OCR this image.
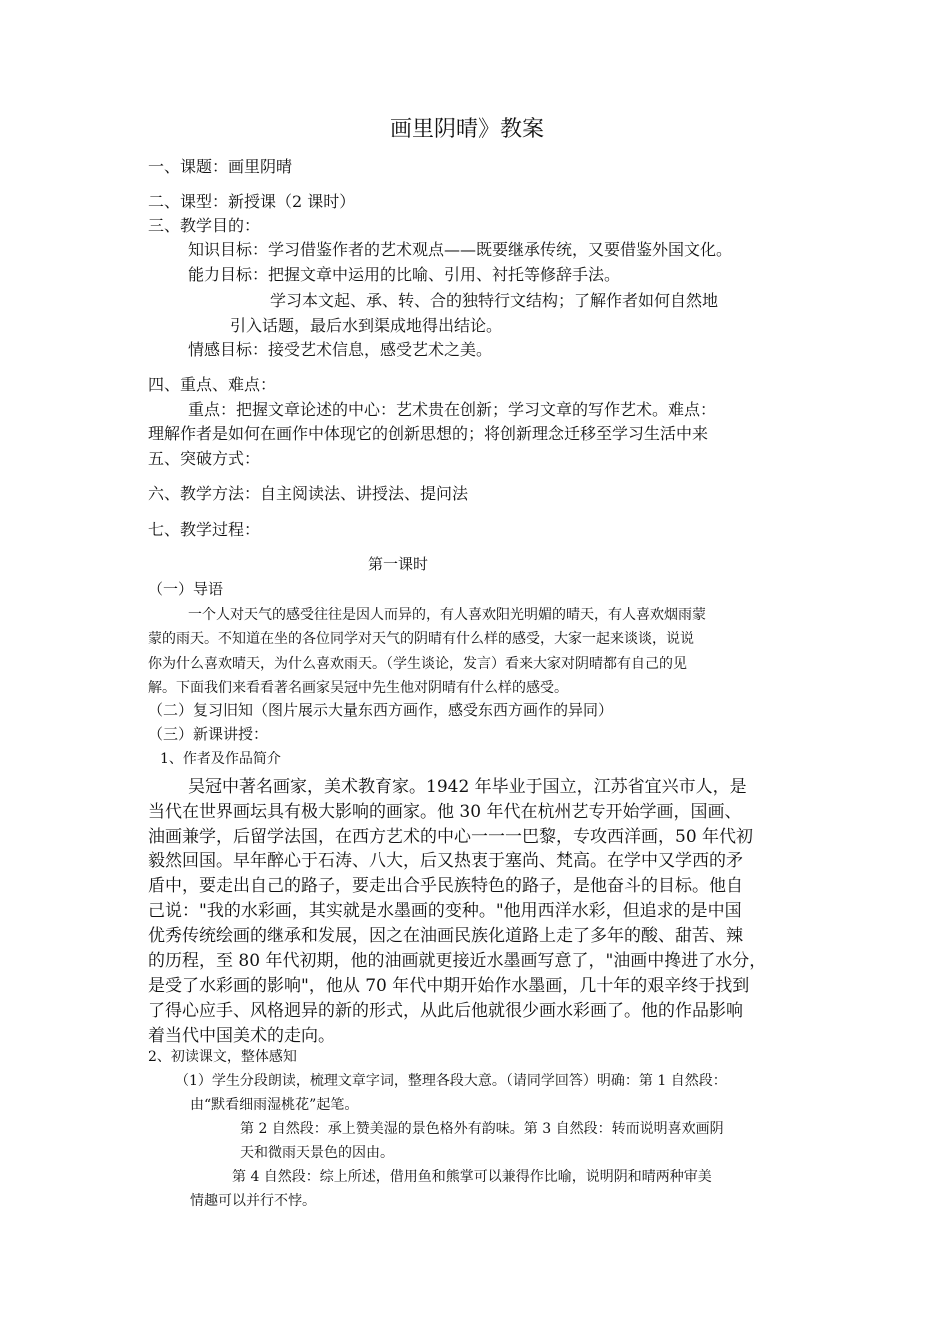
画里阴晴》教案
一、课题：画里阴晴
二、课型：新授课（2 课时）
三、教学目的：
知识目标：学习借鉴作者的艺术观点——既要继承传统，又要借鉴外国文化。
能力目标：把握文章中运用的比喻、引用、衬托等修辞手法。
学习本文起、承、转、合的独特行文结构；了解作者如何自然地
引入话题，最后水到渠成地得出结论。
情感目标：接受艺术信息，感受艺术之美。
四、重点、难点：
重点：把握文章论述的中心：艺术贵在创新；学习文章的写作艺术。难点：
理解作者是如何在画作中体现它的创新思想的；将创新理念迁移至学习生活中来
五、突破方式：
六、教学方法：自主阅读法、讲授法、提问法
七、教学过程：
第一课时
（一）导语
一个人对天气的感受往往是因人而异的，有人喜欢阳光明媚的晴天，有人喜欢烟雨蒙
蒙的雨天。不知道在坐的各位同学对天气的阴晴有什么样的感受，大家一起来谈谈，说说
你为什么喜欢晴天，为什么喜欢雨天。（学生谈论，发言）看来大家对阴晴都有自己的见
解。下面我们来看看著名画家吴冠中先生他对阴晴有什么样的感受。
（二）复习旧知（图片展示大量东西方画作，感受东西方画作的异同）
（三）新课讲授：
1、作者及作品简介
吴冠中著名画家，美术教育家。1942 年毕业于国立，江苏省宜兴市人，是
当代在世界画坛具有极大影响的画家。他 30 年代在杭州艺专开始学画，国画、
油画兼学，后留学法国，在西方艺术的中心一一一巴黎，专攻西洋画，50 年代初
毅然回国。早年醉心于石涛、八大，后又热衷于塞尚、梵高。在学中又学西的矛
盾中，要走出自己的路子，要走出合乎民族特色的路子，是他奋斗的目标。他自
己说："我的水彩画，其实就是水墨画的变种。"他用西洋水彩，但追求的是中国
优秀传统绘画的继承和发展，因之在油画民族化道路上走了多年的酸、甜苦、辣
的历程，至 80 年代初期，他的油画就更接近水墨画写意了，"油画中搀进了水分，
是受了水彩画的影响"，他从 70 年代中期开始作水墨画，几十年的艰辛终于找到
了得心应手、风格迥异的新的形式，从此后他就很少画水彩画了。他的作品影响
着当代中国美术的走向。
2、初读课文，整体感知
（1）学生分段朗读，梳理文章字词，整理各段大意。（请同学回答）明确：第 1 自然段：
由“默看细雨湿桃花”起笔。
第 2 自然段：承上赞美湿的景色格外有韵味。第 3 自然段：转而说明喜欢画阴
天和微雨天景色的因由。
第 4 自然段：综上所述，借用鱼和熊掌可以兼得作比喻，说明阴和晴两种审美
情趣可以并行不悖。
